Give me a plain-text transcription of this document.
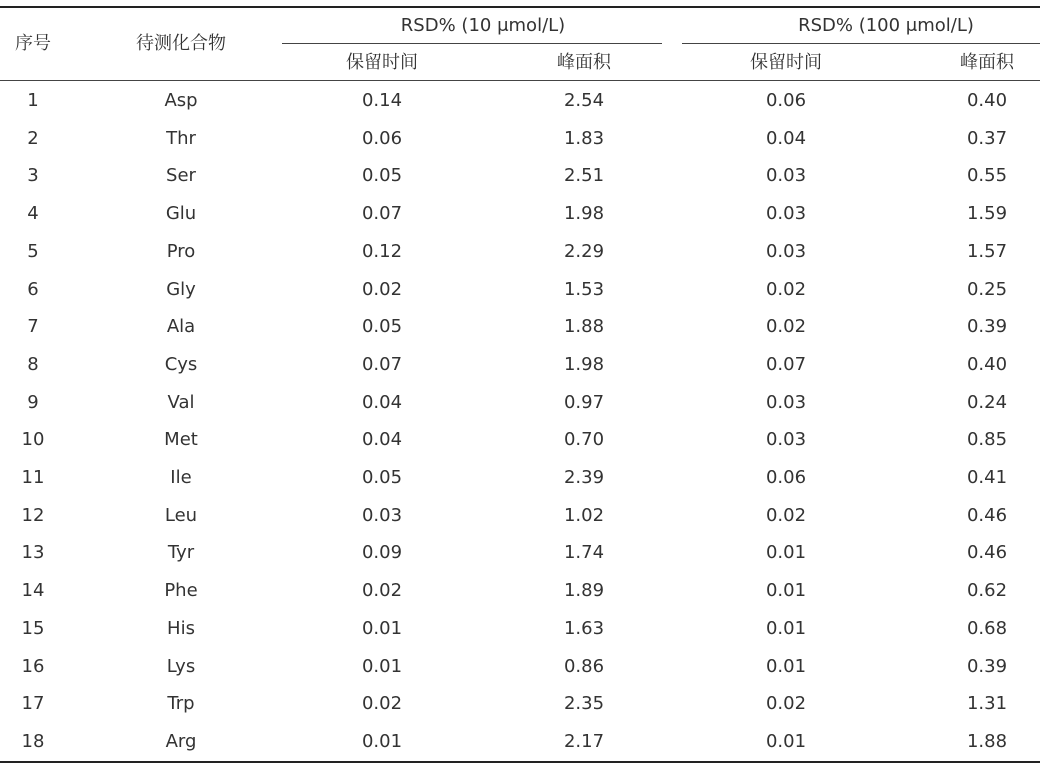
序号	待测化合物
RSD% (10 μmol/L)	RSD% (100 μmol/L)
保留时间	峰面积	保留时间	峰面积
1	Asp	0.14	2.54	0.06	0.40
2	Thr	0.06	1.83	0.04	0.37
3	Ser	0.05	2.51	0.03	0.55
4	Glu	0.07	1.98	0.03	1.59
5	Pro	0.12	2.29	0.03	1.57
6	Gly	0.02	1.53	0.02	0.25
7	Ala	0.05	1.88	0.02	0.39
8	Cys	0.07	1.98	0.07	0.40
9	Val	0.04	0.97	0.03	0.24
10	Met	0.04	0.70	0.03	0.85
11	Ile	0.05	2.39	0.06	0.41
12	Leu	0.03	1.02	0.02	0.46
13	Tyr	0.09	1.74	0.01	0.46
14	Phe	0.02	1.89	0.01	0.62
15	His	0.01	1.63	0.01	0.68
16	Lys	0.01	0.86	0.01	0.39
17	Trp	0.02	2.35	0.02	1.31
18	Arg	0.01	2.17	0.01	1.88
